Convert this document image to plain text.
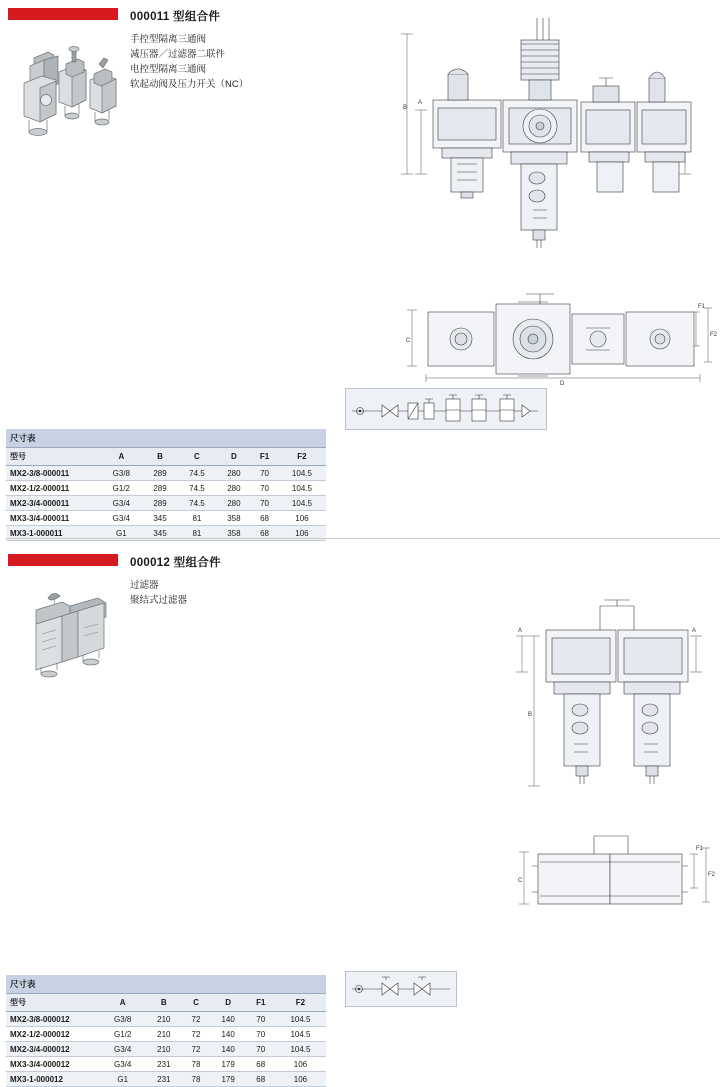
000011 型组合件
手控型隔离三通阀
减压器／过滤器二联件
电控型隔离三通阀
软起动阀及压力开关（NC）
A
B
C
D
F1
F2
尺寸表						
型号	A	B	C	D	F1	F2
MX2-3/8-000011	G3/8	289	74.5	280	70	104.5
MX2-1/2-000011	G1/2	289	74.5	280	70	104.5
MX2-3/4-000011	G3/4	289	74.5	280	70	104.5
MX3-3/4-000011	G3/4	345	81	358	68	106
MX3-1-000011	G1	345	81	358	68	106
000012 型组合件
过滤器
聚结式过滤器
A
B
A
C
F1
F2
尺寸表						
型号	A	B	C	D	F1	F2
MX2-3/8-000012	G3/8	210	72	140	70	104.5
MX2-1/2-000012	G1/2	210	72	140	70	104.5
MX2-3/4-000012	G3/4	210	72	140	70	104.5
MX3-3/4-000012	G3/4	231	78	179	68	106
MX3-1-000012	G1	231	78	179	68	106
